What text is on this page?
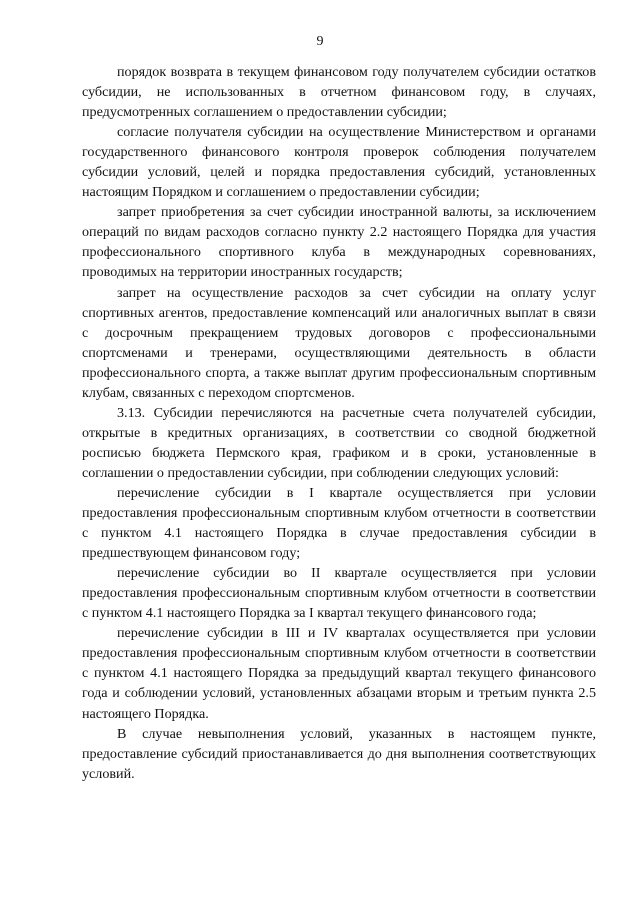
9

порядок возврата в текущем финансовом году получателем субсидии остатков субсидии, не использованных в отчетном финансовом году, в случаях, предусмотренных соглашением о предоставлении субсидии;

согласие получателя субсидии на осуществление Министерством и органами государственного финансового контроля проверок соблюдения получателем субсидии условий, целей и порядка предоставления субсидий, установленных настоящим Порядком и соглашением о предоставлении субсидии;

запрет приобретения за счет субсидии иностранной валюты, за исключением операций по видам расходов согласно пункту 2.2 настоящего Порядка для участия профессионального спортивного клуба в международных соревнованиях, проводимых на территории иностранных государств;

запрет на осуществление расходов за счет субсидии на оплату услуг спортивных агентов, предоставление компенсаций или аналогичных выплат в связи с досрочным прекращением трудовых договоров с профессиональными спортсменами и тренерами, осуществляющими деятельность в области профессионального спорта, а также выплат другим профессиональным спортивным клубам, связанных с переходом спортсменов.

3.13. Субсидии перечисляются на расчетные счета получателей субсидии, открытые в кредитных организациях, в соответствии со сводной бюджетной росписью бюджета Пермского края, графиком и в сроки, установленные в соглашении о предоставлении субсидии, при соблюдении следующих условий:

перечисление субсидии в I квартале осуществляется при условии предоставления профессиональным спортивным клубом отчетности в соответствии с пунктом 4.1 настоящего Порядка в случае предоставления субсидии в предшествующем финансовом году;

перечисление субсидии во II квартале осуществляется при условии предоставления профессиональным спортивным клубом отчетности в соответствии с пунктом 4.1 настоящего Порядка за I квартал текущего финансового года;

перечисление субсидии в III и IV кварталах осуществляется при условии предоставления профессиональным спортивным клубом отчетности в соответствии с пунктом 4.1 настоящего Порядка за предыдущий квартал текущего финансового года и соблюдении условий, установленных абзацами вторым и третьим пункта 2.5 настоящего Порядка.

В случае невыполнения условий, указанных в настоящем пункте, предоставление субсидий приостанавливается до дня выполнения соответствующих условий.
